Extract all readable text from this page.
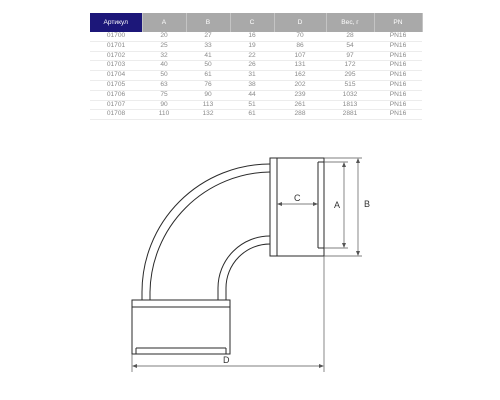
Артикул	A	B	C	D	Вес, г	PN
01700	20	27	16	70	28	PN16
01701	25	33	19	86	54	PN16
01702	32	41	22	107	97	PN16
01703	40	50	26	131	172	PN16
01704	50	61	31	162	295	PN16
01705	63	76	38	202	515	PN16
01706	75	90	44	239	1032	PN16
01707	90	113	51	261	1813	PN16
01708	110	132	61	288	2881	PN16
A	B
C
D
